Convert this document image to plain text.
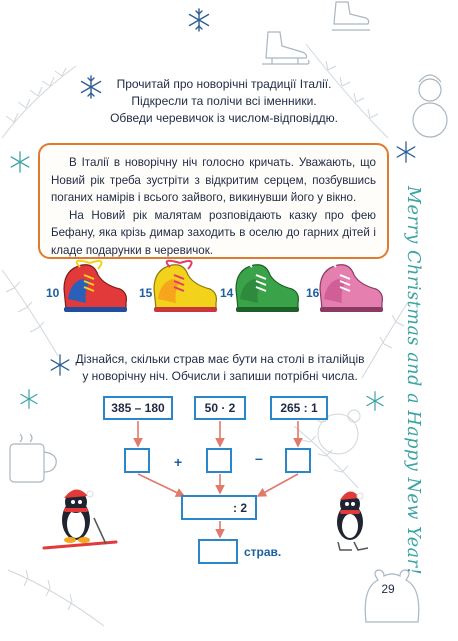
Прочитай про новорічні традиції Італії.
Підкресли та полічи всі іменники.
Обведи черевичок із числом-відповіддю.

В Італії в новорічну ніч голосно кричать. Уважають, що Новий рік треба зустріти з відкритим серцем, позбувшись поганих намірів і всього зайвого, викинувши його у вікно.

На Новий рік малятам розповідають казку про фею Бефану, яка крізь димар заходить в оселю до гарних дітей і кладе подарунки в черевичок.

10	15	14	16
Дізнайся, скільки страв має бути на столі в італійців
у новорічну ніч. Обчисли і запиши потрібні числа.
385 – 180	50 · 2	265 : 1
+	–
: 2
страв.	Merry Christmas and a Happy New Year!
29
